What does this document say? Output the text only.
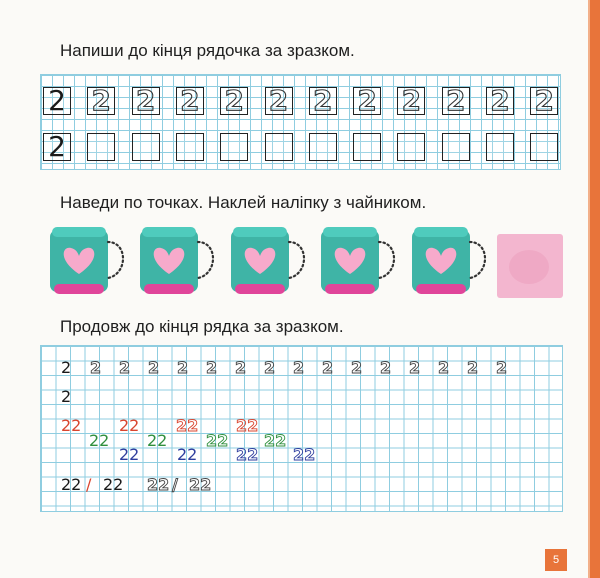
Напиши до кінця рядочка за зразком.
2 2 2 2 2 2 2 2 2 2 2 2
2
Наведи по точках. Наклей наліпку з чайником.
Продовж до кінця рядка за зразком.
2 2 2 2 2 2 2 2 2 2 2 2 2 2 2 2
2
22
22
22
22
22 22
22
22
22
22
22 22
22 / 22 22 / 22
5
